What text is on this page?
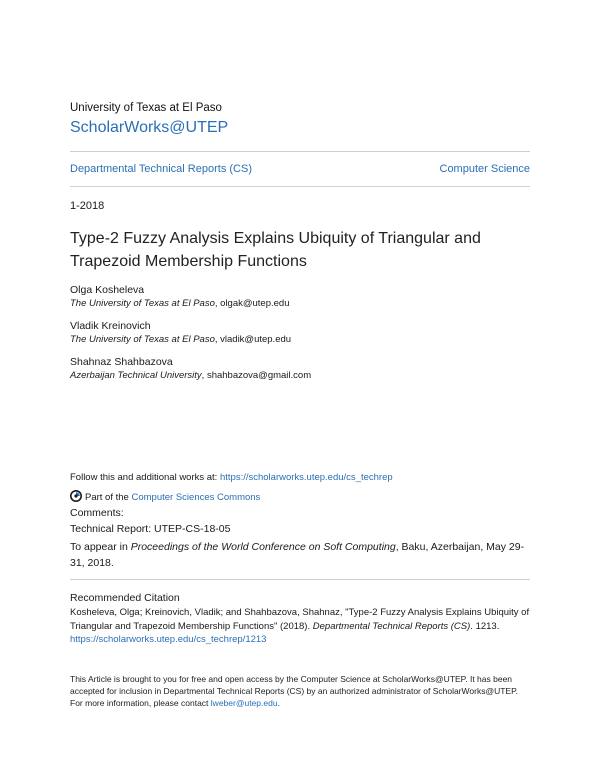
University of Texas at El Paso
ScholarWorks@UTEP
Departmental Technical Reports (CS)	Computer Science
1-2018
Type-2 Fuzzy Analysis Explains Ubiquity of Triangular and Trapezoid Membership Functions
Olga Kosheleva
The University of Texas at El Paso, olgak@utep.edu
Vladik Kreinovich
The University of Texas at El Paso, vladik@utep.edu
Shahnaz Shahbazova
Azerbaijan Technical University, shahbazova@gmail.com
Follow this and additional works at: https://scholarworks.utep.edu/cs_techrep
Part of the Computer Sciences Commons
Comments:
Technical Report: UTEP-CS-18-05
To appear in Proceedings of the World Conference on Soft Computing, Baku, Azerbaijan, May 29-31, 2018.
Recommended Citation
Kosheleva, Olga; Kreinovich, Vladik; and Shahbazova, Shahnaz, "Type-2 Fuzzy Analysis Explains Ubiquity of Triangular and Trapezoid Membership Functions" (2018). Departmental Technical Reports (CS). 1213.
https://scholarworks.utep.edu/cs_techrep/1213
This Article is brought to you for free and open access by the Computer Science at ScholarWorks@UTEP. It has been accepted for inclusion in Departmental Technical Reports (CS) by an authorized administrator of ScholarWorks@UTEP. For more information, please contact lweber@utep.edu.
